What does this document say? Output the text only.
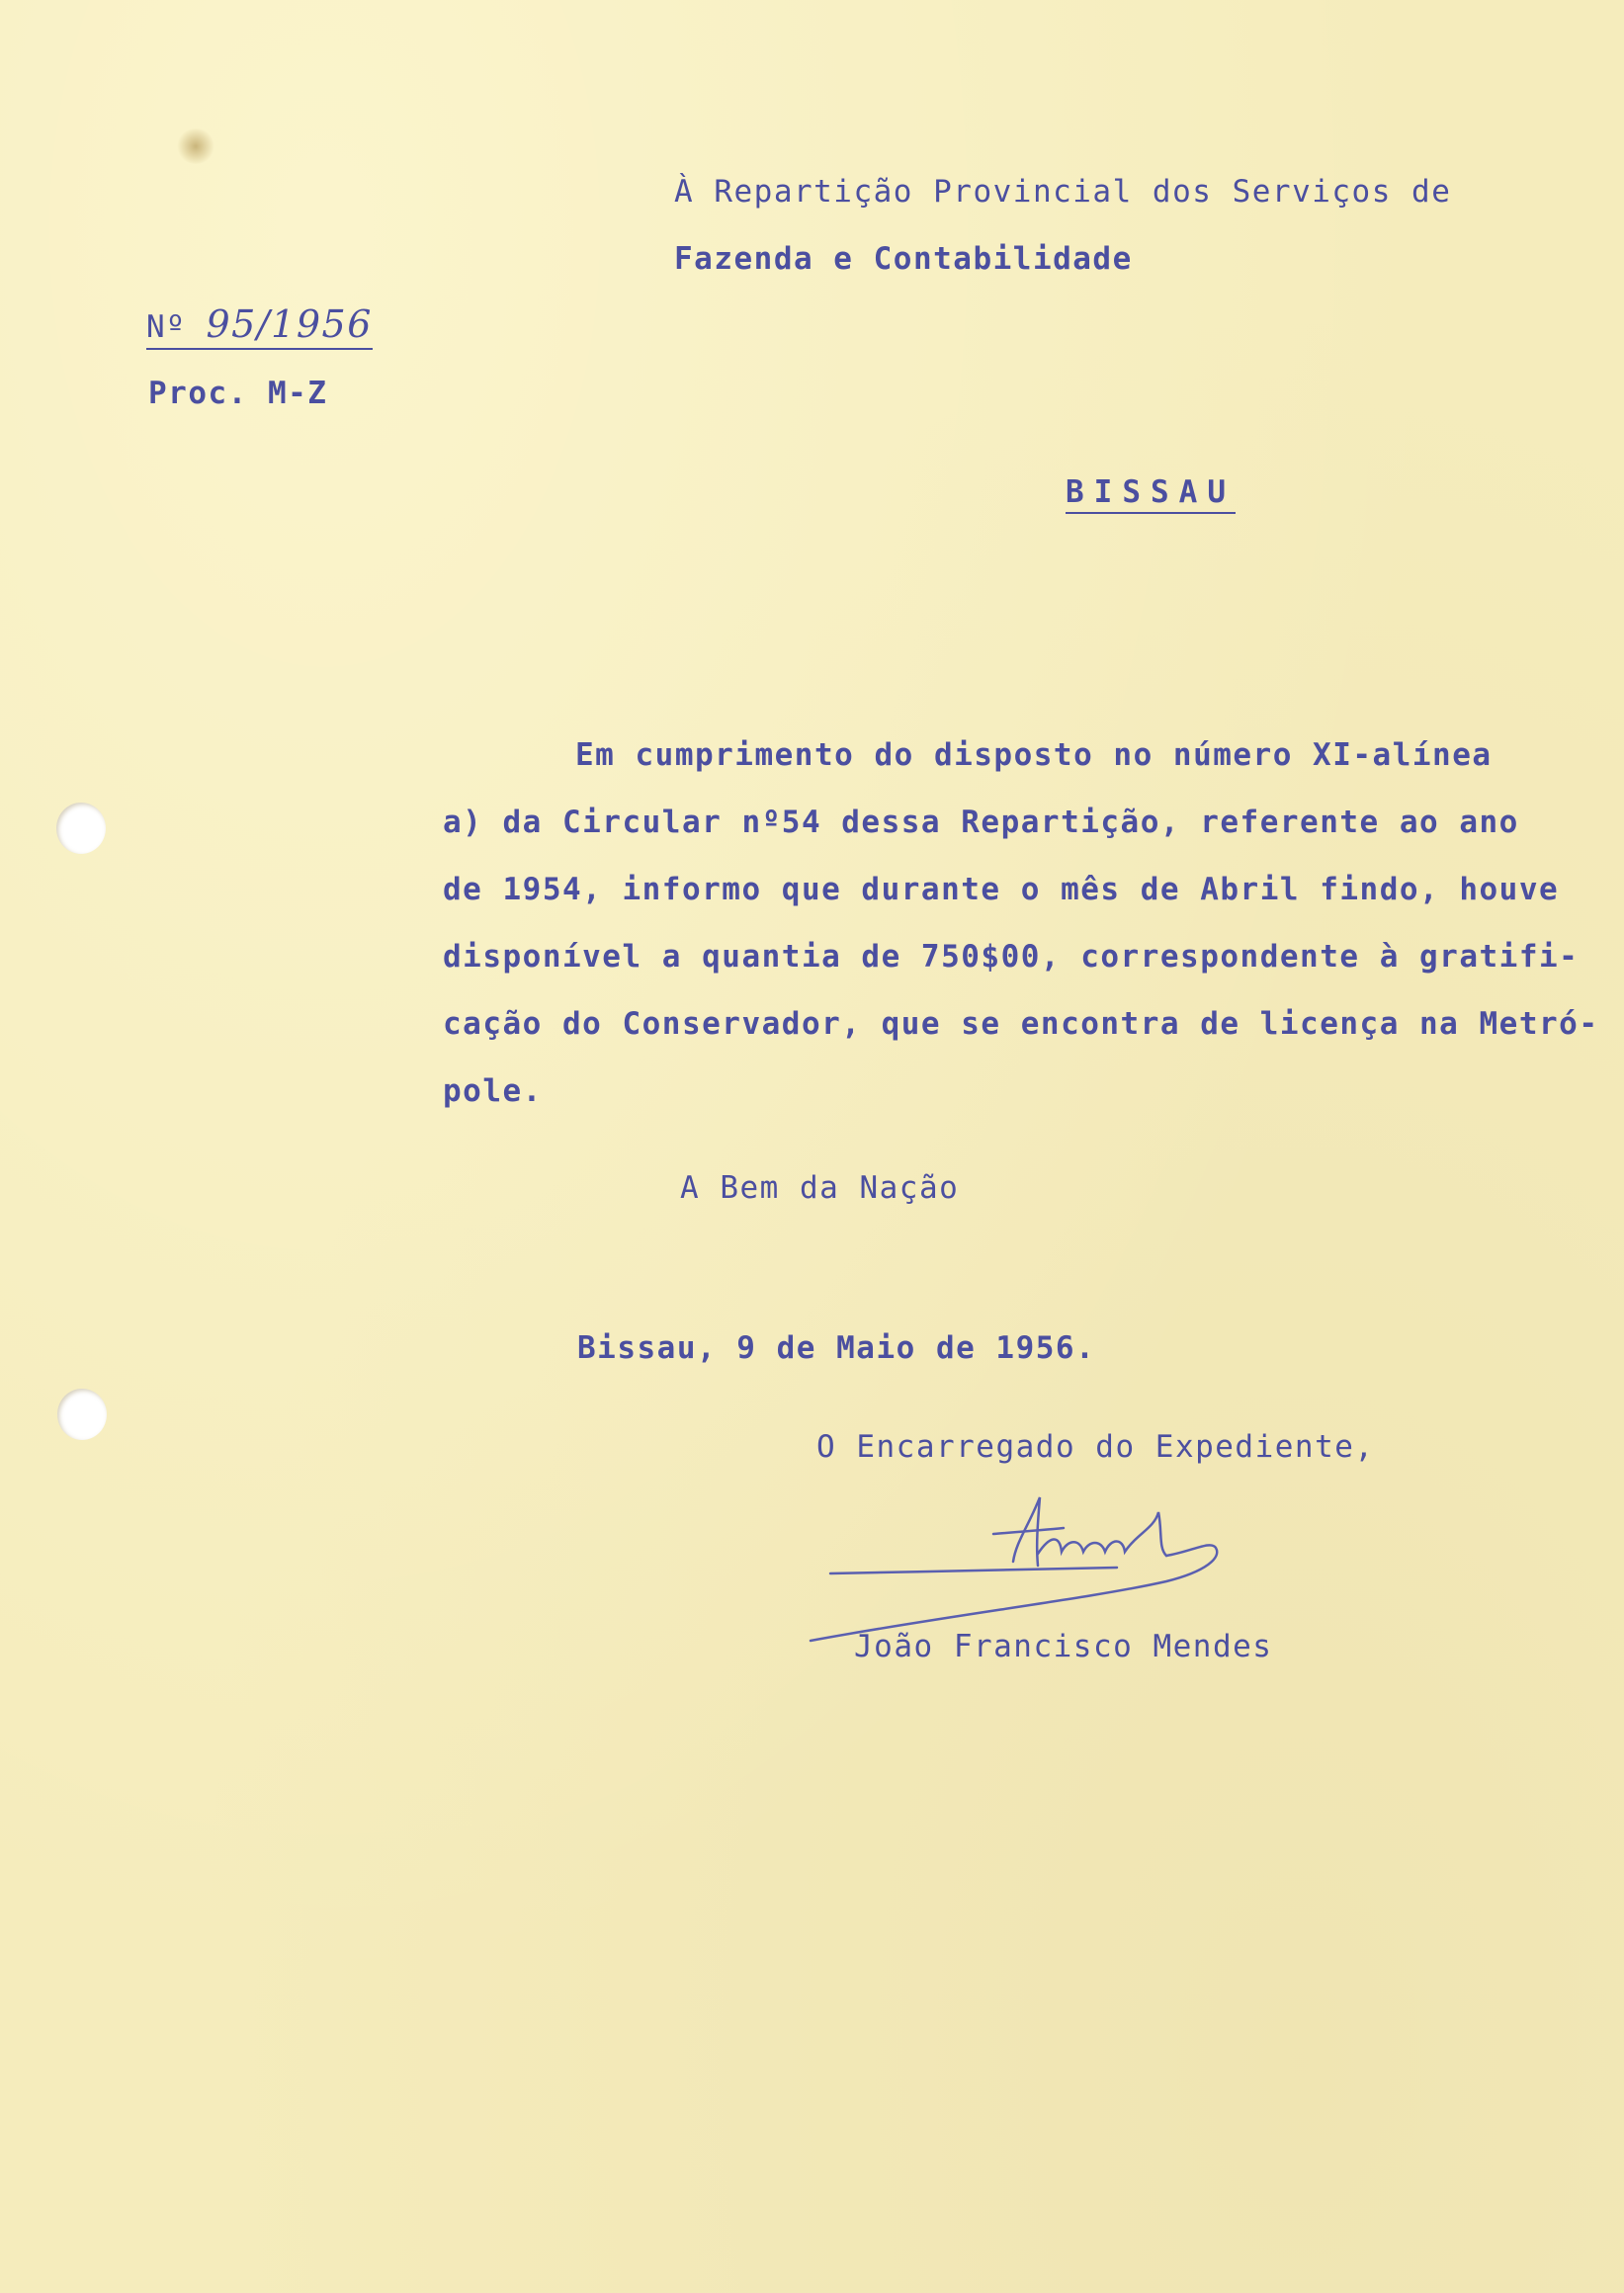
À Repartição Provincial dos Serviços de
Fazenda e Contabilidade
Nº 95/1956
Proc. M-Z
BISSAU
Em cumprimento do disposto no número XI-alínea
a) da Circular nº54 dessa Repartição, referente ao ano
de 1954, informo que durante o mês de Abril findo, houve
disponível a quantia de 750$00, correspondente à gratifi-
cação do Conservador, que se encontra de licença na Metró-
pole.
A Bem da Nação
Bissau, 9 de Maio de 1956.
O Encarregado do Expediente,
João Francisco Mendes
